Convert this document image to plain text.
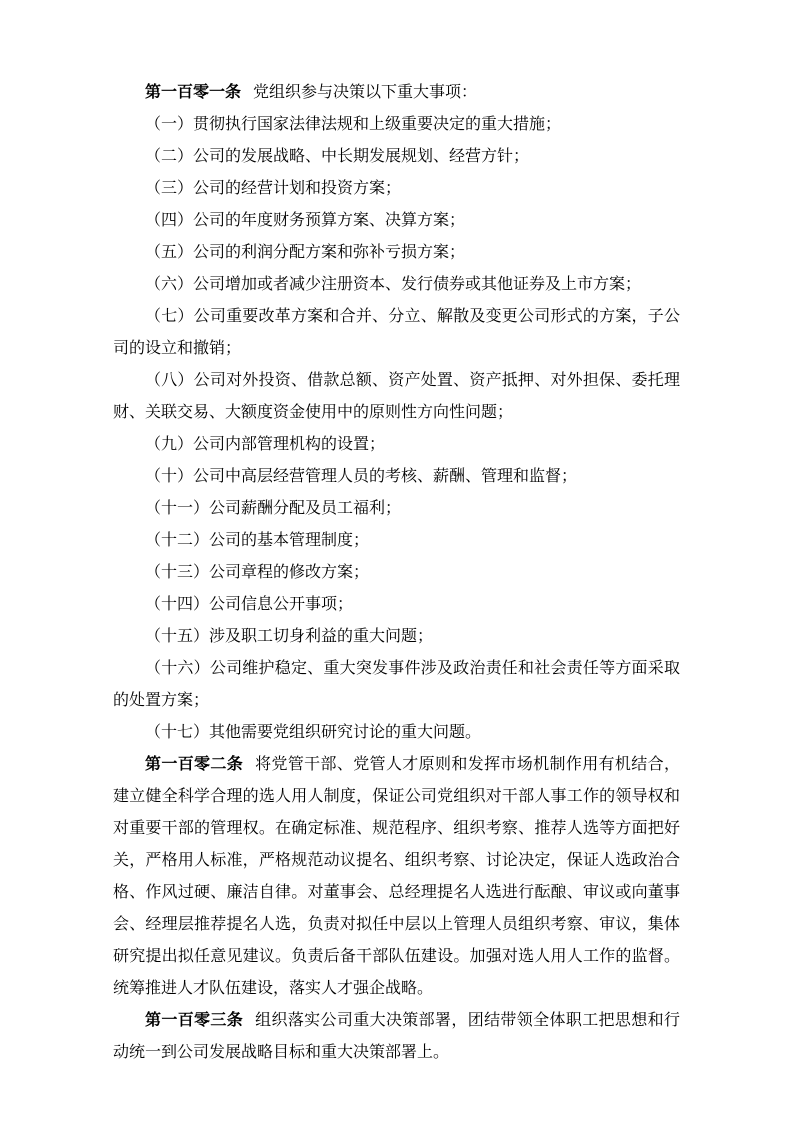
第一百零一条 党组织参与决策以下重大事项：

（一）贯彻执行国家法律法规和上级重要决定的重大措施；

（二）公司的发展战略、中长期发展规划、经营方针；

（三）公司的经营计划和投资方案；

（四）公司的年度财务预算方案、决算方案；

（五）公司的利润分配方案和弥补亏损方案；

（六）公司增加或者减少注册资本、发行债券或其他证券及上市方案；

（七）公司重要改革方案和合并、分立、解散及变更公司形式的方案，子公司的设立和撤销；

（八）公司对外投资、借款总额、资产处置、资产抵押、对外担保、委托理财、关联交易、大额度资金使用中的原则性方向性问题；

（九）公司内部管理机构的设置；

（十）公司中高层经营管理人员的考核、薪酬、管理和监督；

（十一）公司薪酬分配及员工福利；

（十二）公司的基本管理制度；

（十三）公司章程的修改方案；

（十四）公司信息公开事项；

（十五）涉及职工切身利益的重大问题；

（十六）公司维护稳定、重大突发事件涉及政治责任和社会责任等方面采取的处置方案；

（十七）其他需要党组织研究讨论的重大问题。

第一百零二条 将党管干部、党管人才原则和发挥市场机制作用有机结合，建立健全科学合理的选人用人制度，保证公司党组织对干部人事工作的领导权和对重要干部的管理权。在确定标准、规范程序、组织考察、推荐人选等方面把好关，严格用人标准，严格规范动议提名、组织考察、讨论决定，保证人选政治合格、作风过硬、廉洁自律。对董事会、总经理提名人选进行酝酿、审议或向董事会、经理层推荐提名人选，负责对拟任中层以上管理人员组织考察、审议，集体研究提出拟任意见建议。负责后备干部队伍建设。加强对选人用人工作的监督。统筹推进人才队伍建设，落实人才强企战略。

第一百零三条 组织落实公司重大决策部署，团结带领全体职工把思想和行动统一到公司发展战略目标和重大决策部署上。
